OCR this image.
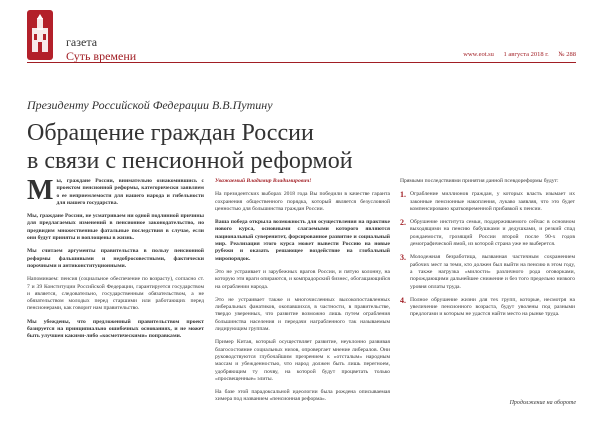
газета
Суть времени	www.eot.su 1 августа 2018 г. № 288
Президенту Российской Федерации В.В.Путину
Обращение граждан России
в связи с пенсионной реформой

Мы, граждане России, внимательно ознакомившись с проектом пенсионной реформы, категорически заявляем о ее неприемлемости для нашего народа и гибельности для нашего государства.

Мы, граждане России, не усматриваем ни одной подлинной причины для предлагаемых изменений в пенсионное законодательство, но предвидим множественные фатальные последствия в случае, если они будут приняты и воплощены в жизнь.

Мы считаем аргументы правительства в пользу пенсионной реформы фальшивыми и недобросовестными, фактически порочными и антиконституционными.

Напоминаем: пенсия (социальное обеспечение по возрасту), согласно ст. 7 и 39 Конституции Российской Федерации, гарантируется государством и является, следовательно, государственным обязательством, а не обязательством молодых перед старшими или работающих перед пенсионерами, как говорит нам правительство.

Мы убеждены, что предложенный правительством проект базируется на принципиально ошибочных основаниях, и не может быть улучшен какими-либо «косметическими» поправками.

Уважаемый Владимир Владимирович!

На президентских выборах 2018 года Вы победили в качестве гаранта сохранения общественного порядка, который является безусловной ценностью для большинства граждан России.

Ваша победа открыла возможность для осуществления на практике нового курса, основными слагаемыми которого являются национальный суверенитет, форсированное развитие и социальный мир. Реализация этого курса может вывести Россию на новые рубежи и оказать решающее воздействие на глобальный миропорядок.

Это не устраивает и зарубежных врагов России, и пятую колонну, на которую эти враги опираются, и компрадорский бизнес, обогащающийся на ограблении народа.

Это не устраивает также и многочисленных высокопоставленных либеральных фанатиков, окопавшихся, в частности, в правительстве, твердо уверенных, что развитие возможно лишь путем ограбления большинства населения и передачи награбленного так называемым лидирующим группам.

Пример Китая, который осуществляет развитие, неуклонно развивая благосостояние социальных низов, опровергает мнение либералов. Они руководствуются глубочайшим презрением к «отсталым» народным массам и убежденностью, что народ должен быть лишь перегноем, удобряющим ту почву, на которой будут процветать только «просвещенные» элиты.

На базе этой парадоксальной идеологии была рождена описываемая химера под названием «пенсионная реформа».

Прямыми последствиями принятия данной псевдореформы будут:

1. Ограбление миллионов граждан, у которых власть изымает их законные пенсионные накопления, лукаво заявляя, что это будет компенсировано кратковременной прибавкой к пенсии.
2. Обрушение института семьи, поддерживаемого сейчас в основном выходящими на пенсию бабушками и дедушками, и резкий спад рождаемости, грозящий России второй после 90-х годов демографической ямой, из которой страна уже не выберется.
3. Молодежная безработица, вызванная частичным сохранением рабочих мест за теми, кто должен был выйти на пенсию в этом году, а также нагрузка «милости» различного рода оговорками, порождающими дальнейшее снижение и без того предельно низкого уровня оплаты труда.
4. Полное обрушение жизни для тех групп, которые, несмотря на увеличение пенсионного возраста, будут уволены под разными предлогами и которым не удастся найти место на рынке труда.
Продолжение на обороте
